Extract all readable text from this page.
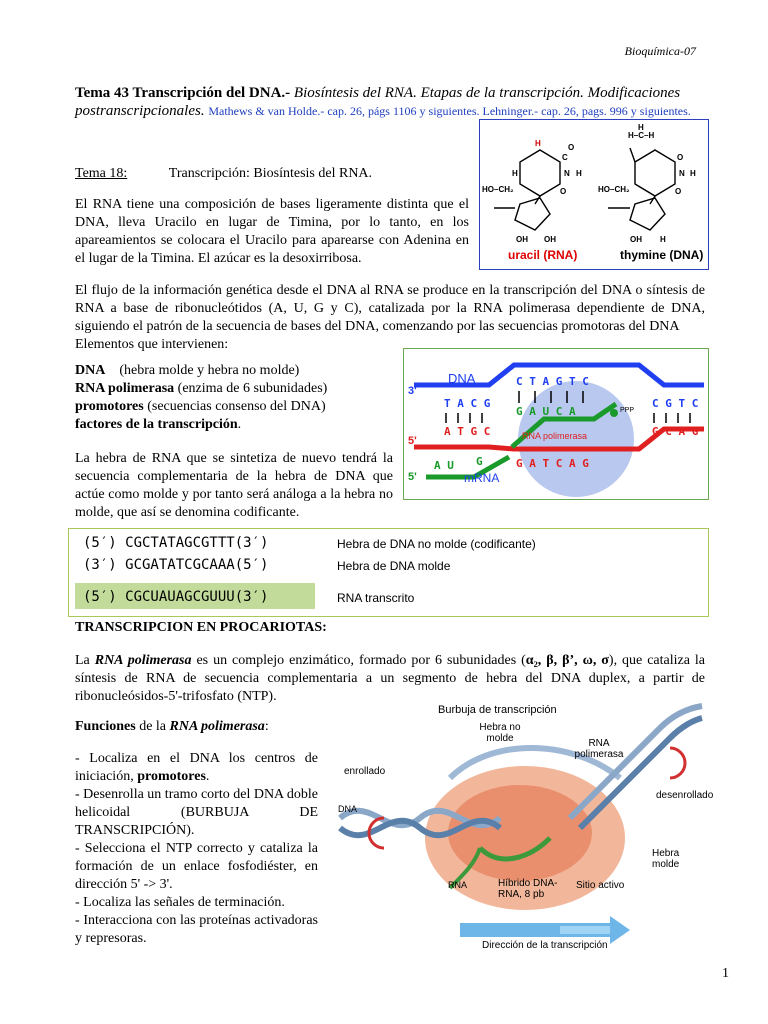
Bioquímica-07
Tema 43 Transcripción del DNA.- Biosíntesis del RNA. Etapas de la transcripción. Modificaciones postranscripcionales. Mathews & van Holde.- cap. 26, págs 1106 y siguientes. Lehninger.- cap. 26, pags. 996 y siguientes.
H
C
O
N H
O
H
HO–CH₂
OH OH
H–C–H
H
O
N H
O
HO–CH₂
OH H
uracil (RNA)	thymine (DNA)
Tema 18:	Transcripción: Biosíntesis del RNA.
El RNA tiene una composición de bases ligeramente distinta que el DNA, lleva Uracilo en lugar de Timina, por lo tanto, en los apareamientos se colocara el Uracilo para aparearse con Adenina en el lugar de la Timina. El azúcar es la desoxirribosa.
El flujo de la información genética desde el DNA al RNA se produce en la transcripción del DNA o síntesis de RNA a base de ribonucleótidos (A, U, G y C), catalizada por la RNA polimerasa dependiente de DNA, siguiendo el patrón de la secuencia de bases del DNA, comenzando por las secuencias promotoras del DNA
Elementos que intervienen:
DNA (hebra molde y hebra no molde)
RNA polimerasa (enzima de 6 subunidades)
promotores (secuencias consenso del DNA)
factores de la transcripción.
T A C G
A T G C
C T A G T C
G A U C A
G A T C A G
C G T C
G C A G
A U G
DNA
3'
5'
5'
RNA polimerasa
mRNA
PPP
La hebra de RNA que se sintetiza de nuevo tendrá la secuencia complementaria de la hebra de DNA que actúe como molde y por tanto será análoga a la hebra no molde, que así se denomina codificante.
(5′) CGCTATAGCGTTT(3′)	Hebra de DNA no molde (codificante)
(3′) GCGATATCGCAAA(5′)	Hebra de DNA molde
(5′) CGCUAUAGCGUUU(3′)	RNA transcrito
TRANSCRIPCION EN PROCARIOTAS:
La RNA polimerasa es un complejo enzimático, formado por 6 subunidades (α₂, β, β’, ω, σ), que cataliza la síntesis de RNA de secuencia complementaria a un segmento de hebra del DNA duplex, a partir de ribonucleósidos-5'-trifosfato (NTP).
Funciones de la RNA polimerasa:
- Localiza en el DNA los centros de iniciación, promotores.
- Desenrolla un tramo corto del DNA doble helicoidal (BURBUJA DE TRANSCRIPCIÓN).
- Selecciona el NTP correcto y cataliza la formación de un enlace fosfodiéster, en dirección 5' -> 3'.
- Localiza las señales de terminación.
- Interacciona con las proteínas activadoras y represoras.
Burbuja de transcripción
Hebra no molde	RNA polimerasa
enrollado
desenrollado
DNA
RNA
Hebra molde
Híbrido DNA-RNA, 8 pb
Sitio activo
Dirección de la transcripción
1
